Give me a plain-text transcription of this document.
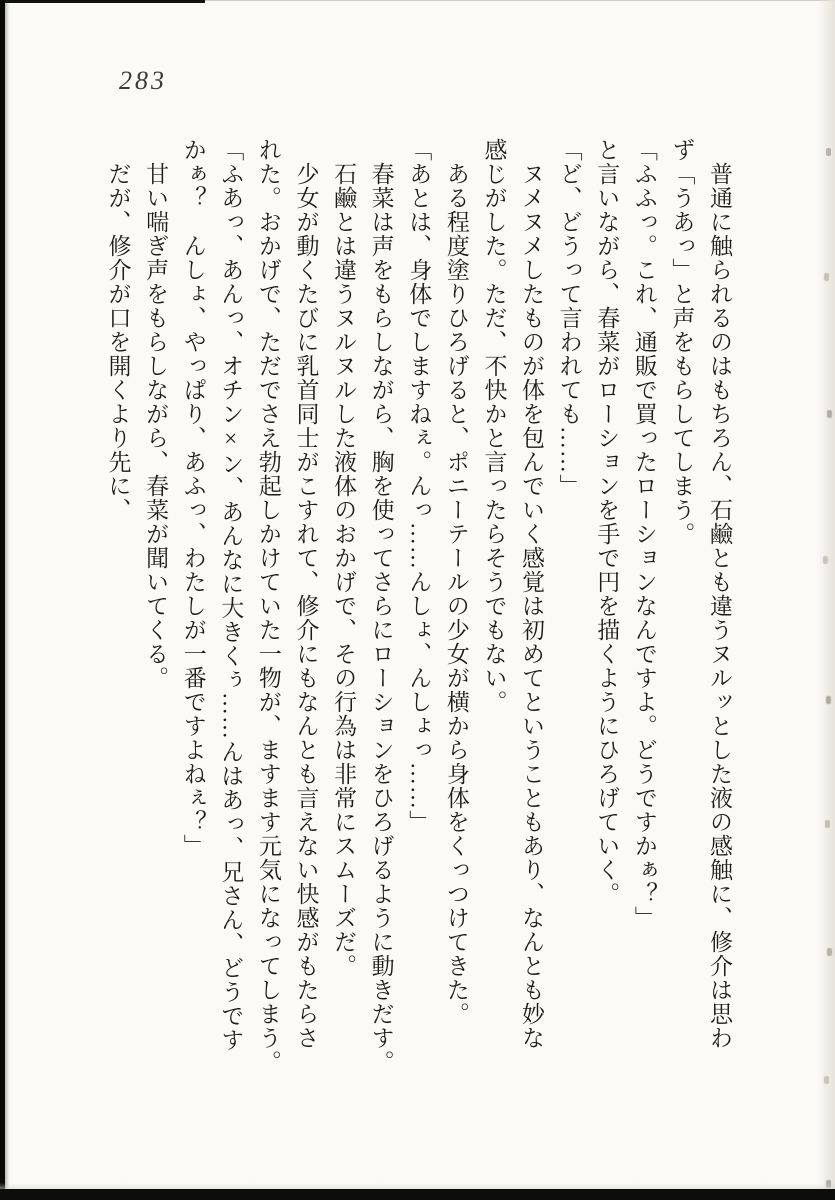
283
　普通に触られるのはもちろん、石鹼とも違うヌルッとした液の感触に、修介は思わ
ず「うあっ」と声をもらしてしまう。
「ふふっ。これ、通販で買ったローションなんですよ。どうですかぁ？」
と言いながら、春菜がローションを手で円を描くようにひろげていく。
「ど、どうって言われても……」
　ヌメヌメしたものが体を包んでいく感覚は初めてということもあり、なんとも妙な
感じがした。ただ、不快かと言ったらそうでもない。
　ある程度塗りひろげると、ポニーテールの少女が横から身体をくっつけてきた。
「あとは、身体でしますねぇ。んっ……んしょ、んしょっ……」
　春菜は声をもらしながら、胸を使ってさらにローションをひろげるように動きだす。
　石鹼とは違うヌルヌルした液体のおかげで、その行為は非常にスムーズだ。
　少女が動くたびに乳首同士がこすれて、修介にもなんとも言えない快感がもたらさ
れた。おかげで、ただでさえ勃起しかけていた一物が、ますます元気になってしまう。
「ふあっ、あんっ、オチン×ン、あんなに大きくぅ……んはあっ、兄さん、どうです
かぁ？　んしょ、やっぱり、あふっ、わたしが一番ですよねぇ？」
　甘い喘ぎ声をもらしながら、春菜が聞いてくる。
　だが、修介が口を開くより先に、
